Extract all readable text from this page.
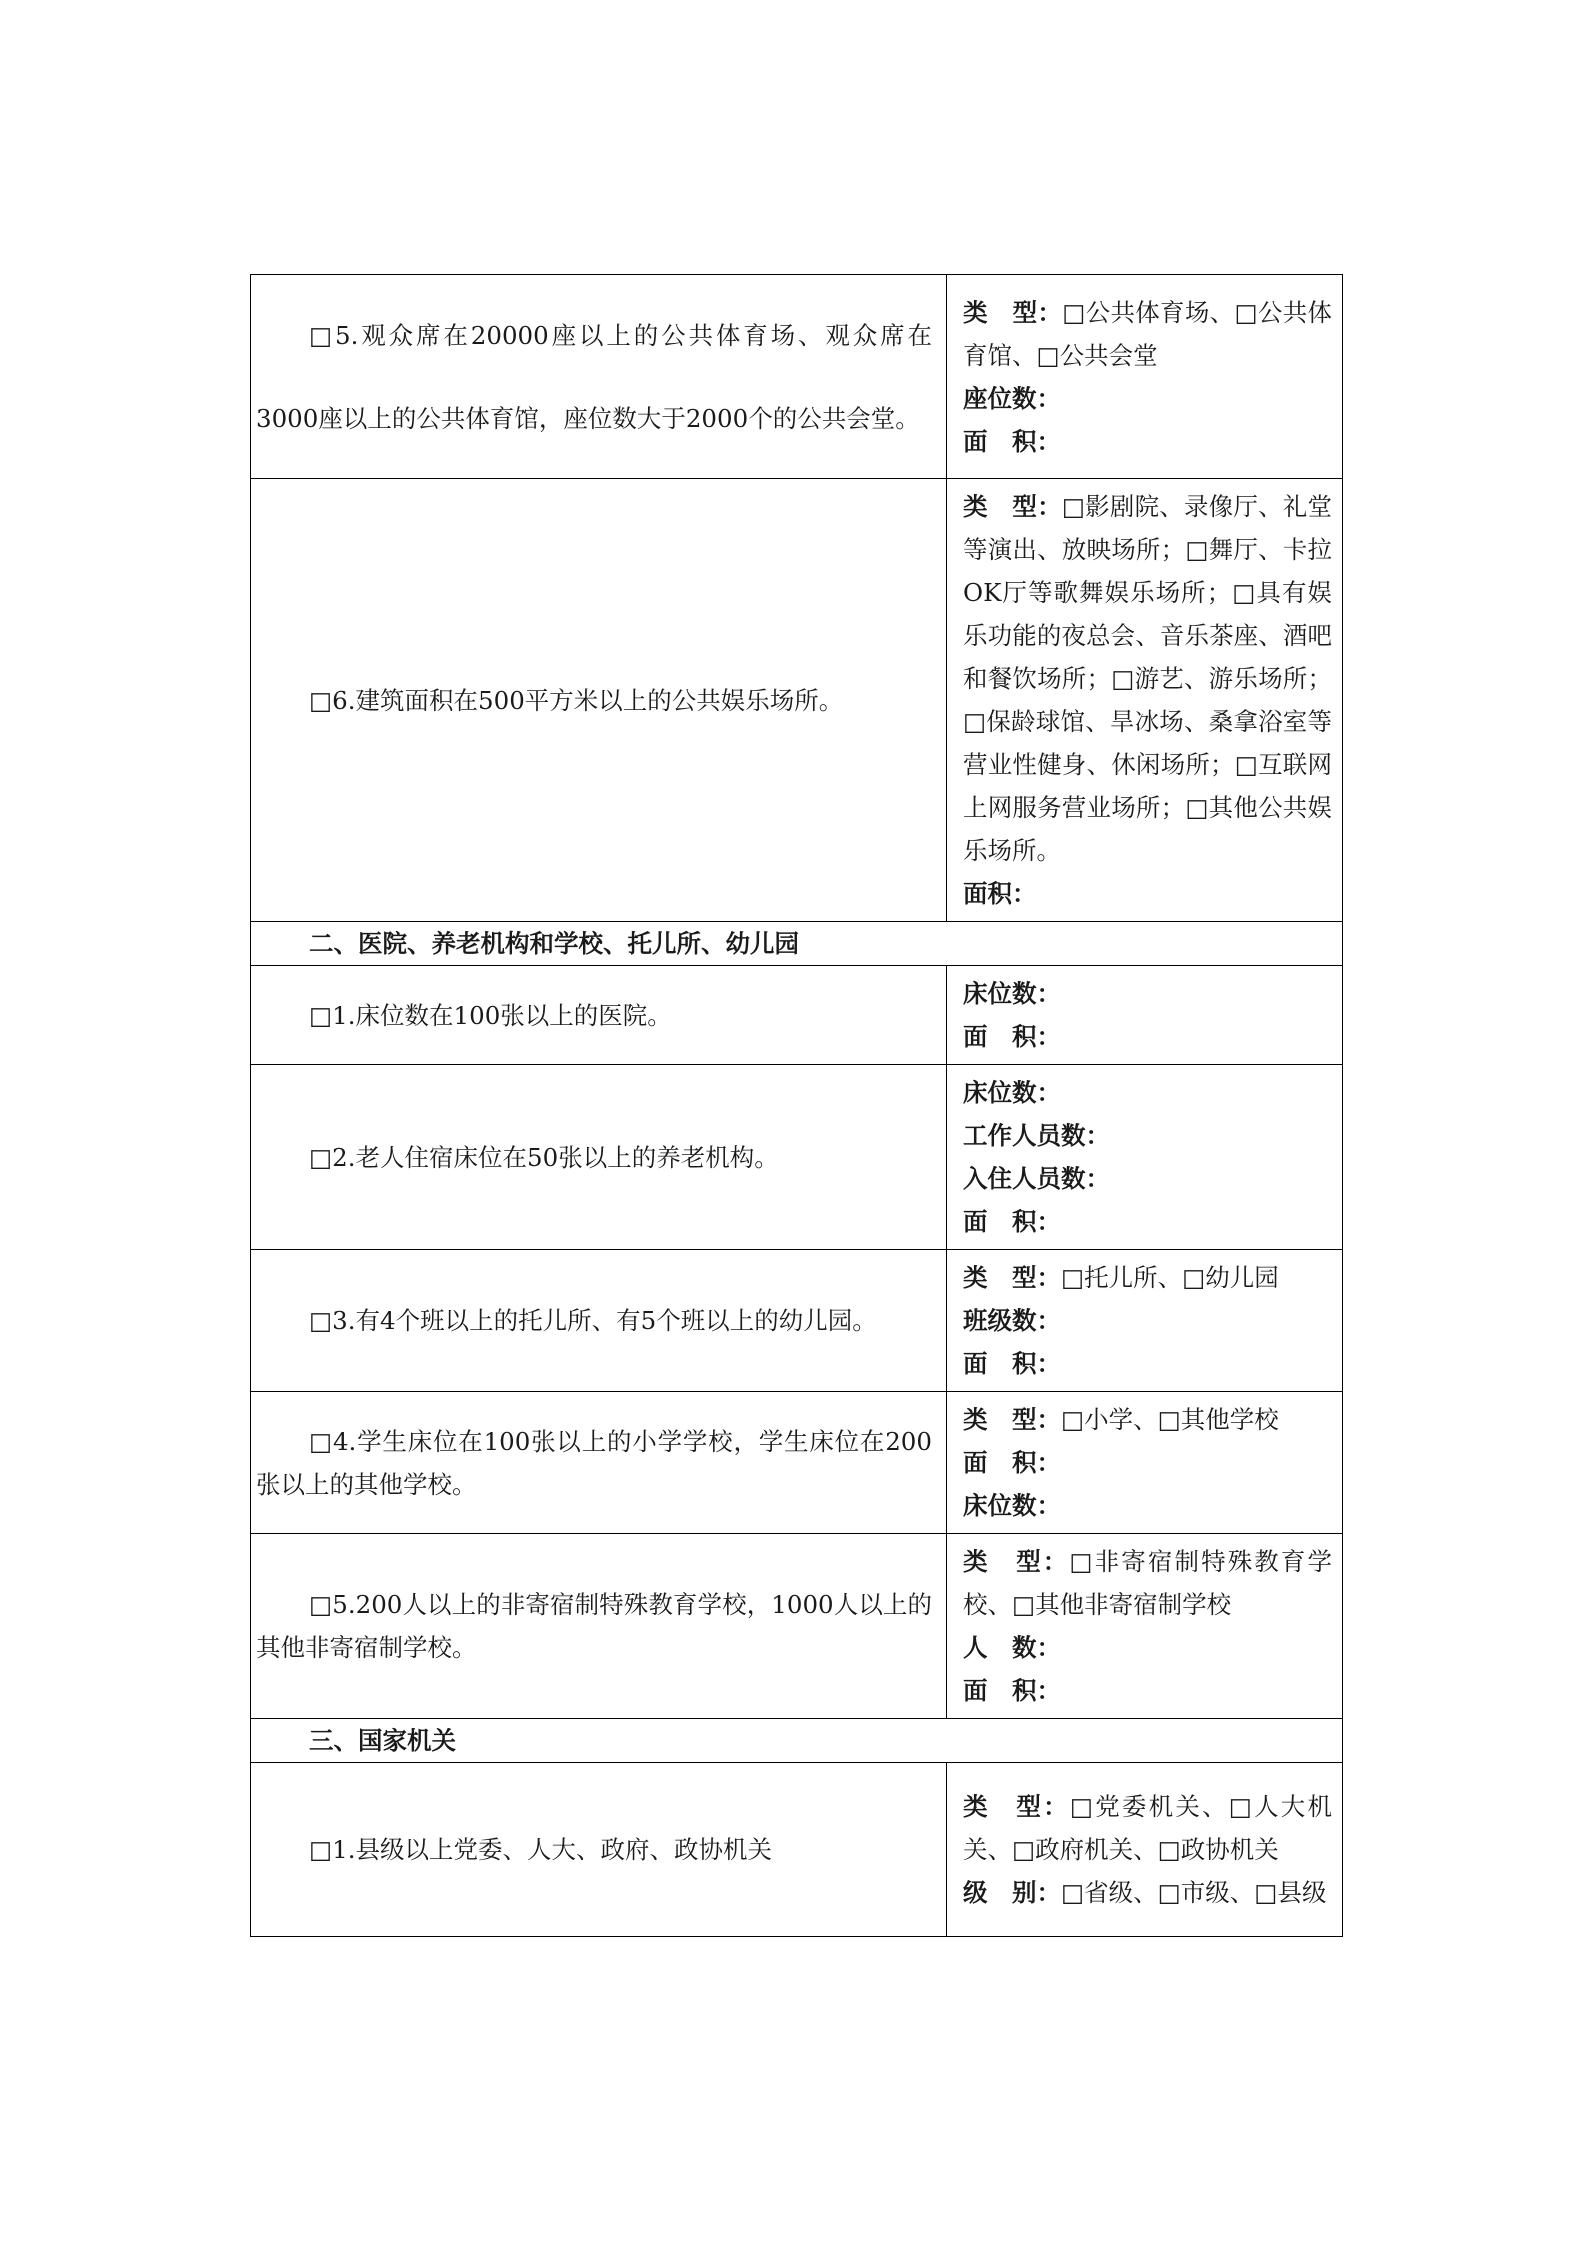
□5.观众席在20000座以上的公共体育场、观众席在3000座以上的公共体育馆，座位数大于2000个的公共会堂。	类　型：□公共体育场、□公共体育馆、□公共会堂
座位数：
面　积：

□6.建筑面积在500平方米以上的公共娱乐场所。	类　型：□影剧院、录像厅、礼堂等演出、放映场所；□舞厅、卡拉OK厅等歌舞娱乐场所；□具有娱乐功能的夜总会、音乐茶座、酒吧和餐饮场所；□游艺、游乐场所；□保龄球馆、旱冰场、桑拿浴室等营业性健身、休闲场所；□互联网上网服务营业场所；□其他公共娱乐场所。
面积：

二、医院、养老机构和学校、托儿所、幼儿园	

□1.床位数在100张以上的医院。	床位数：
面　积：

□2.老人住宿床位在50张以上的养老机构。	床位数：
工作人员数：
入住人员数：
面　积：

□3.有4个班以上的托儿所、有5个班以上的幼儿园。	类　型：□托儿所、□幼儿园
班级数：
面　积：

□4.学生床位在100张以上的小学学校，学生床位在200张以上的其他学校。	类　型：□小学、□其他学校
面　积：
床位数：

□5.200人以上的非寄宿制特殊教育学校，1000人以上的其他非寄宿制学校。	类　型：□非寄宿制特殊教育学校、□其他非寄宿制学校
人　数：
面　积：

三、国家机关	

□1.县级以上党委、人大、政府、政协机关	类　型：□党委机关、□人大机关、□政府机关、□政协机关
级　别：□省级、□市级、□县级
